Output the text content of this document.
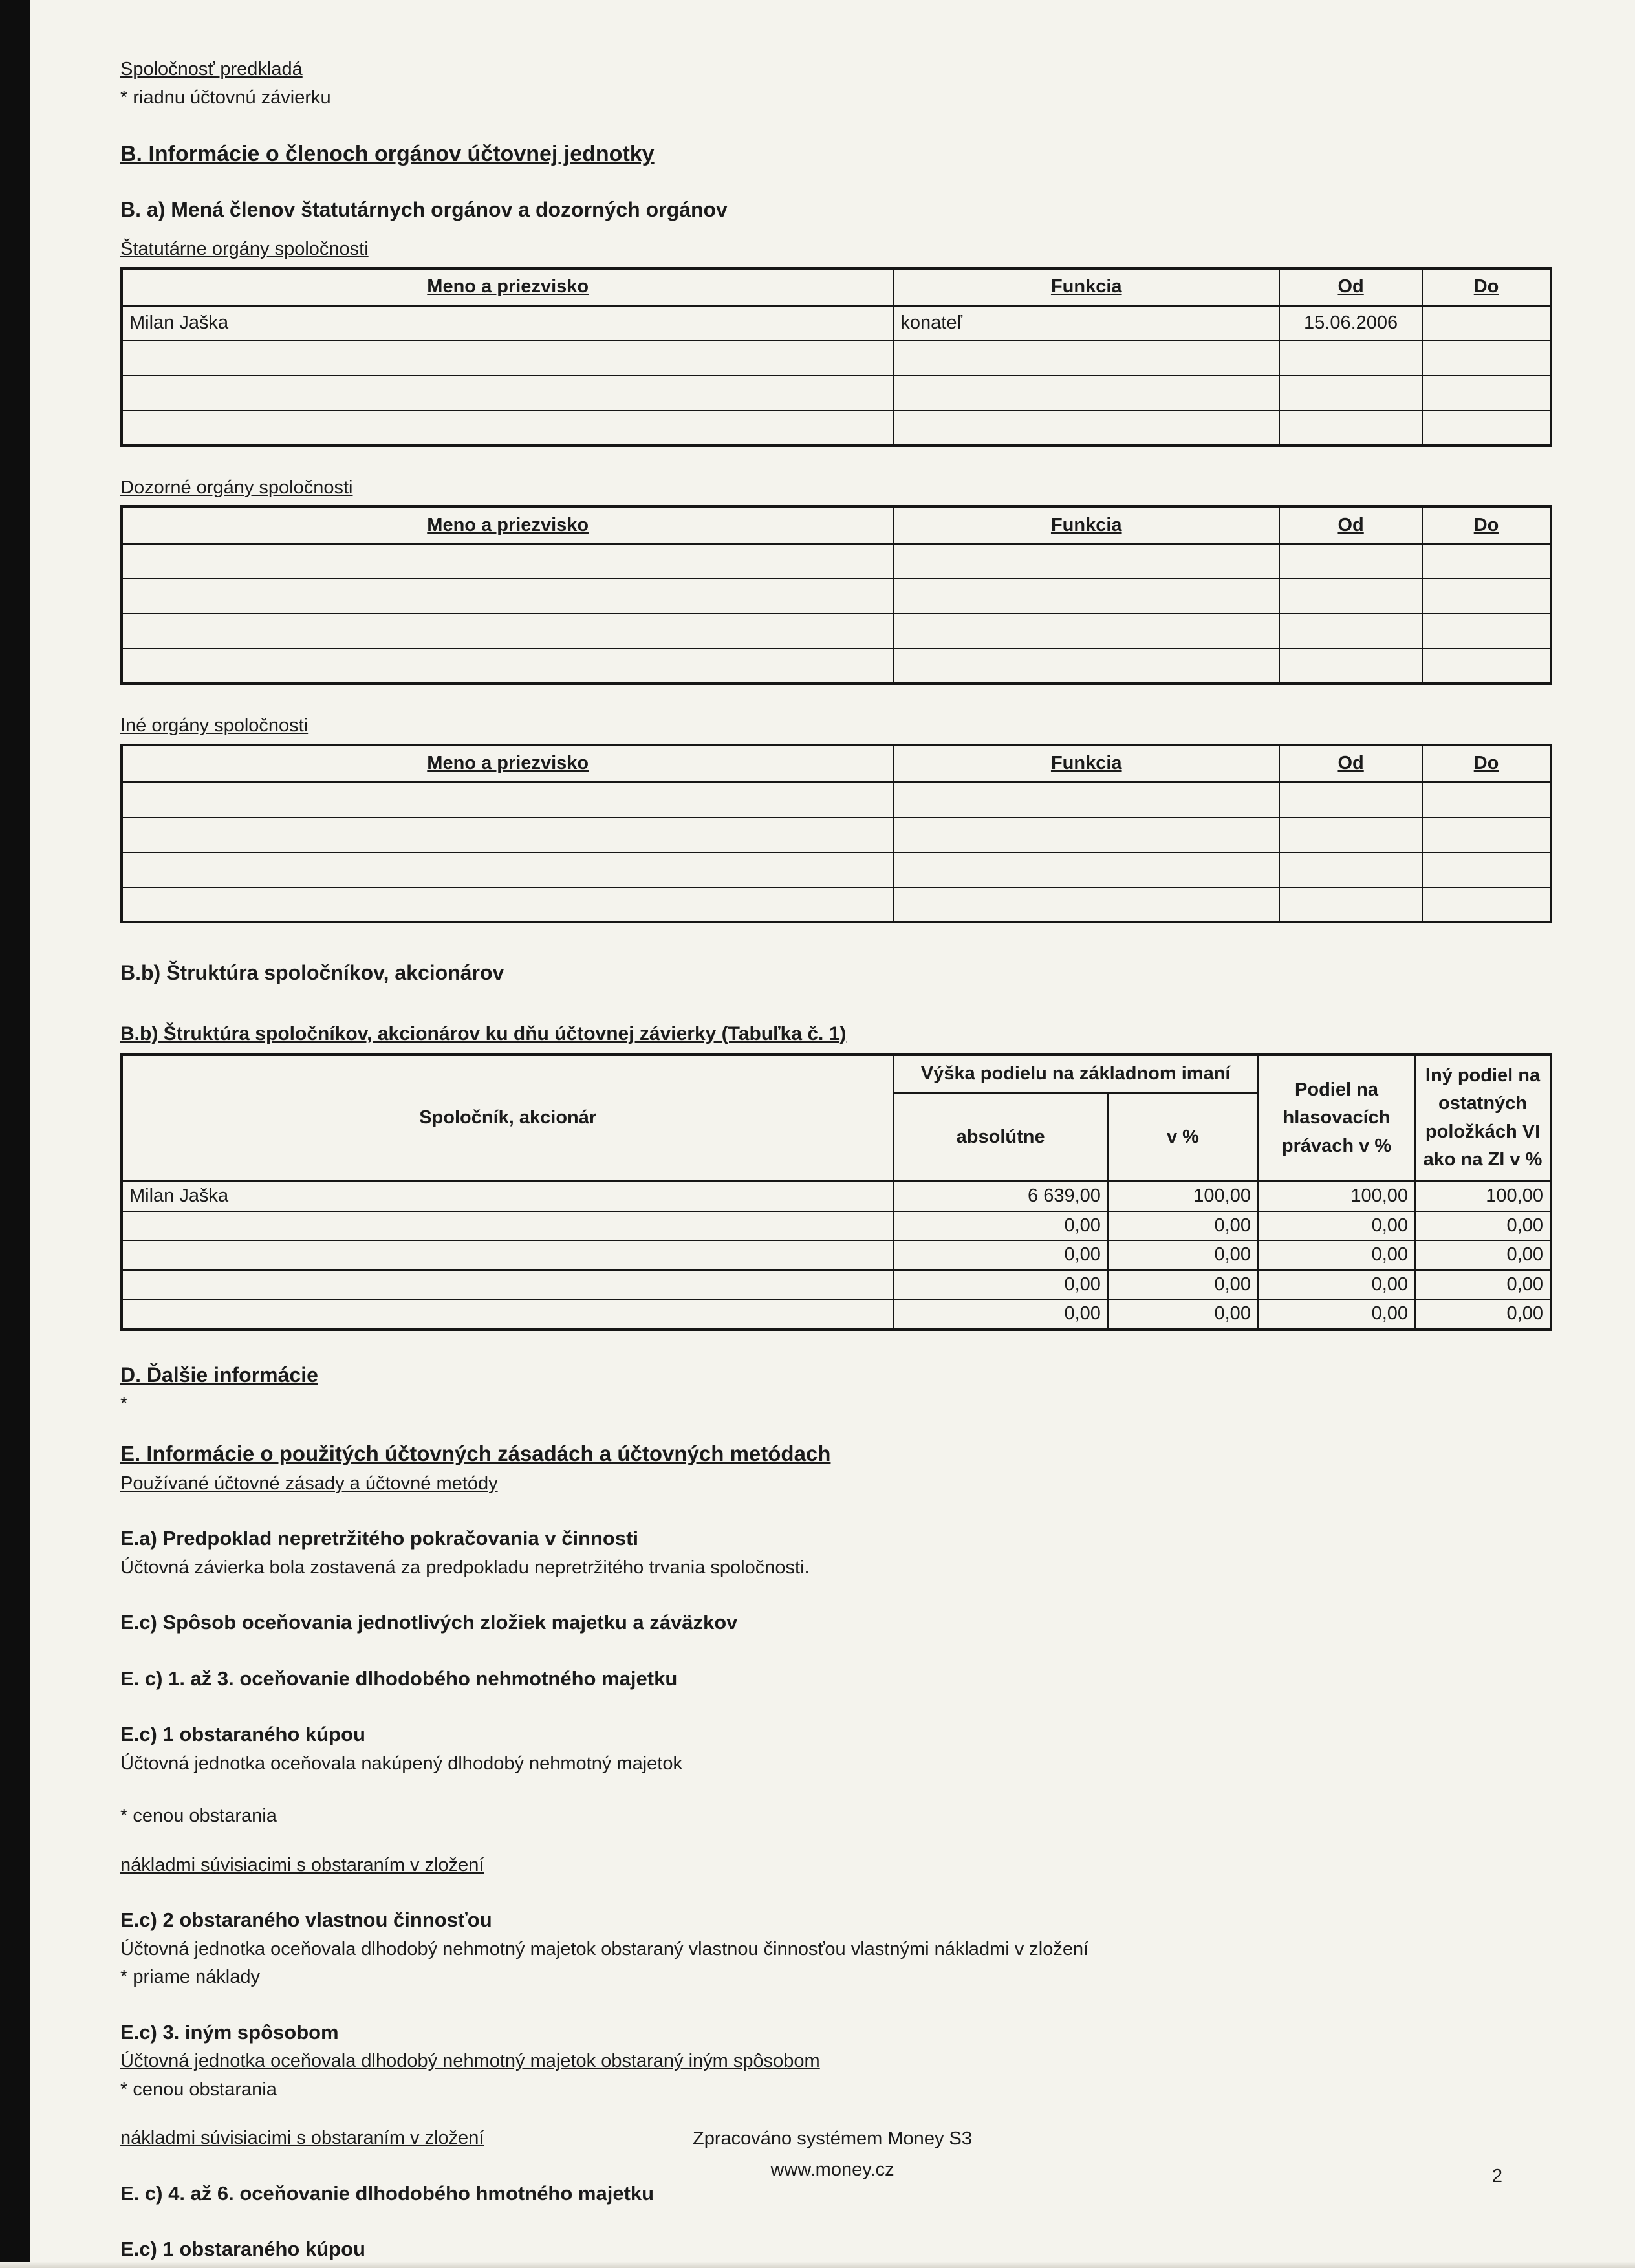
Spoločnosť predkladá
* riadnu účtovnú závierku
B. Informácie o členoch orgánov účtovnej jednotky
B. a) Mená členov štatutárnych orgánov a dozorných orgánov
Štatutárne orgány spoločnosti
Meno a priezvisko	Funkcia	Od	Do
Milan Jaška	konateľ	15.06.2006	

Dozorné orgány spoločnosti
Meno a priezvisko	Funkcia	Od	Do

Iné orgány spoločnosti
Meno a priezvisko	Funkcia	Od	Do

B.b) Štruktúra spoločníkov, akcionárov
B.b) Štruktúra spoločníkov, akcionárov ku dňu účtovnej závierky (Tabuľka č. 1)
Spoločník, akcionár	Výška podielu na základnom imaní		Podiel na hlasovacích právach v %	Iný podiel na ostatných položkách VI ako na ZI v %
	absolútne	v %		
Milan Jaška	6 639,00	100,00	100,00	100,00
	0,00	0,00	0,00	0,00
	0,00	0,00	0,00	0,00
	0,00	0,00	0,00	0,00
	0,00	0,00	0,00	0,00
D. Ďalšie informácie
*
E. Informácie o použitých účtovných zásadách a účtovných metódach
Používané účtovné zásady a účtovné metódy
E.a) Predpoklad nepretržitého pokračovania v činnosti
Účtovná závierka bola zostavená za predpokladu nepretržitého trvania spoločnosti.
E.c) Spôsob oceňovania jednotlivých zložiek majetku a záväzkov
E. c) 1. až 3. oceňovanie dlhodobého nehmotného majetku
E.c) 1 obstaraného kúpou
Účtovná jednotka oceňovala nakúpený dlhodobý nehmotný majetok
* cenou obstarania
nákladmi súvisiacimi s obstaraním v zložení
E.c) 2 obstaraného vlastnou činnosťou
Účtovná jednotka oceňovala dlhodobý nehmotný majetok obstaraný vlastnou činnosťou vlastnými nákladmi v zložení
* priame náklady
E.c) 3. iným spôsobom
Účtovná jednotka oceňovala dlhodobý nehmotný majetok obstaraný iným spôsobom
* cenou obstarania
nákladmi súvisiacimi s obstaraním v zložení
E. c) 4. až 6. oceňovanie dlhodobého hmotného majetku
E.c) 1 obstaraného kúpou
Zpracováno systémem Money S3
www.money.cz	2
